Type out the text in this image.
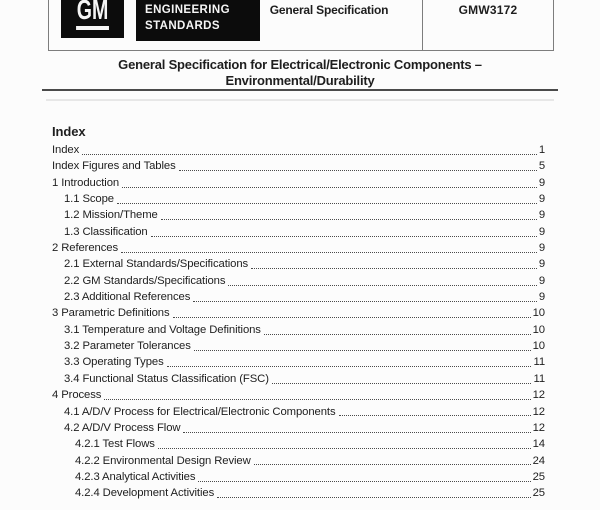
GM	ENGINEERING
STANDARDS
General Specification	GMW3172
General Specification for Electrical/Electronic Components –
Environmental/Durability
Index
Index	1
Index Figures and Tables	5
1 Introduction	9
1.1 Scope	9
1.2 Mission/Theme	9
1.3 Classification	9
2 References	9
2.1 External Standards/Specifications	9
2.2 GM Standards/Specifications	9
2.3 Additional References	9
3 Parametric Definitions	10
3.1 Temperature and Voltage Definitions	10
3.2 Parameter Tolerances	10
3.3 Operating Types	11
3.4 Functional Status Classification (FSC)	11
4 Process	12
4.1 A/D/V Process for Electrical/Electronic Components	12
4.2 A/D/V Process Flow	12
4.2.1 Test Flows	14
4.2.2 Environmental Design Review	24
4.2.3 Analytical Activities	25
4.2.4 Development Activities	25
